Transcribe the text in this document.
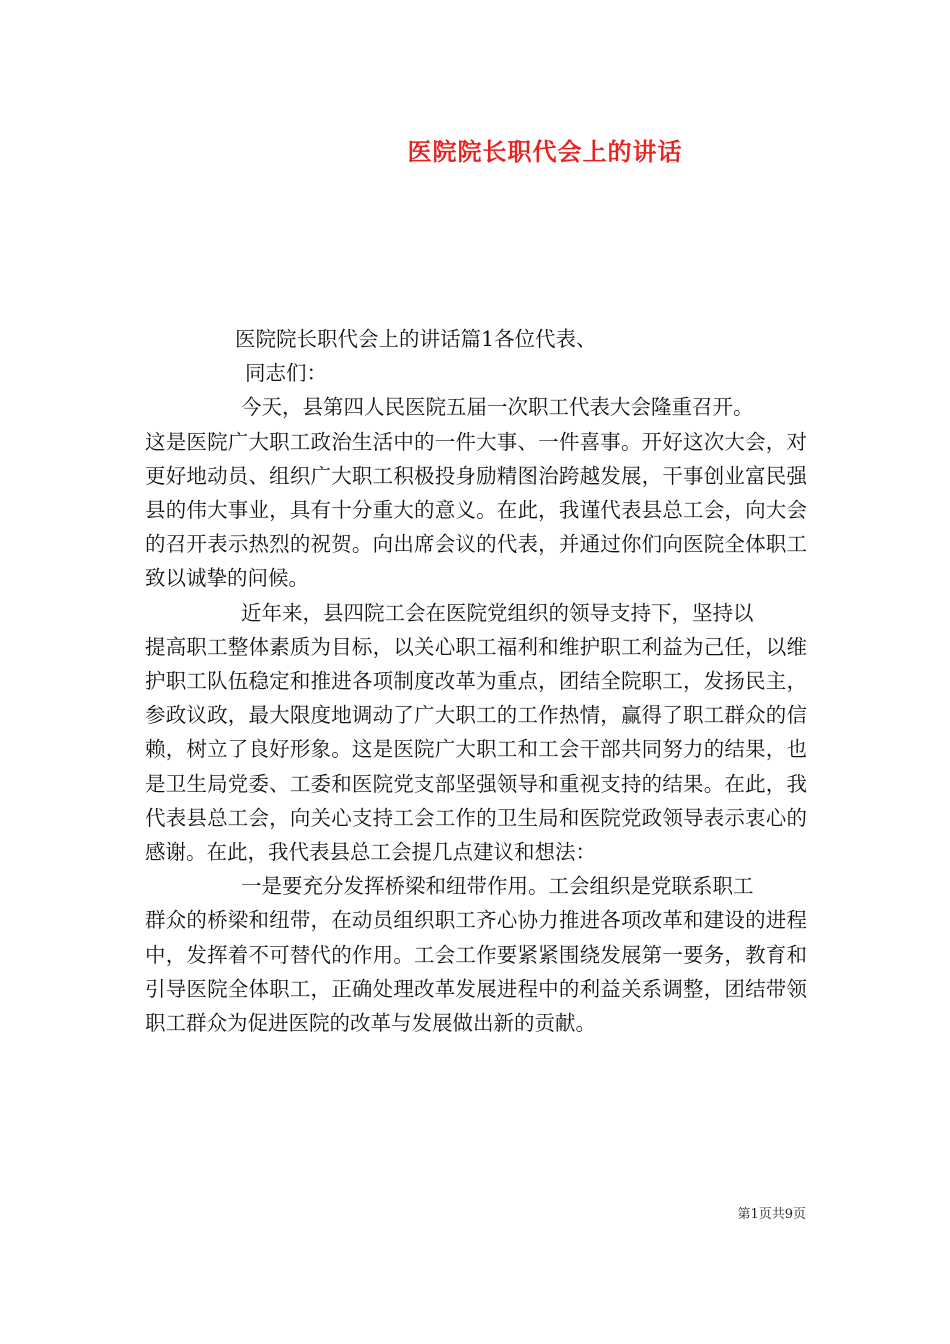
医院院长职代会上的讲话
医院院长职代会上的讲话篇1各位代表、
同志们：
今天，县第四人民医院五届一次职工代表大会隆重召开。
这是医院广大职工政治生活中的一件大事、一件喜事。开好这次大会，对更好地动员、组织广大职工积极投身励精图治跨越发展，干事创业富民强县的伟大事业，具有十分重大的意义。在此，我谨代表县总工会，向大会的召开表示热烈的祝贺。向出席会议的代表，并通过你们向医院全体职工致以诚挚的问候。
近年来，县四院工会在医院党组织的领导支持下，坚持以
提高职工整体素质为目标，以关心职工福利和维护职工利益为己任，以维护职工队伍稳定和推进各项制度改革为重点，团结全院职工，发扬民主，参政议政，最大限度地调动了广大职工的工作热情，赢得了职工群众的信赖，树立了良好形象。这是医院广大职工和工会干部共同努力的结果，也是卫生局党委、工委和医院党支部坚强领导和重视支持的结果。在此，我代表县总工会，向关心支持工会工作的卫生局和医院党政领导表示衷心的感谢。在此，我代表县总工会提几点建议和想法：
一是要充分发挥桥梁和纽带作用。工会组织是党联系职工
群众的桥梁和纽带，在动员组织职工齐心协力推进各项改革和建设的进程中，发挥着不可替代的作用。工会工作要紧紧围绕发展第一要务，教育和引导医院全体职工，正确处理改革发展进程中的利益关系调整，团结带领职工群众为促进医院的改革与发展做出新的贡献。
第1页共9页
